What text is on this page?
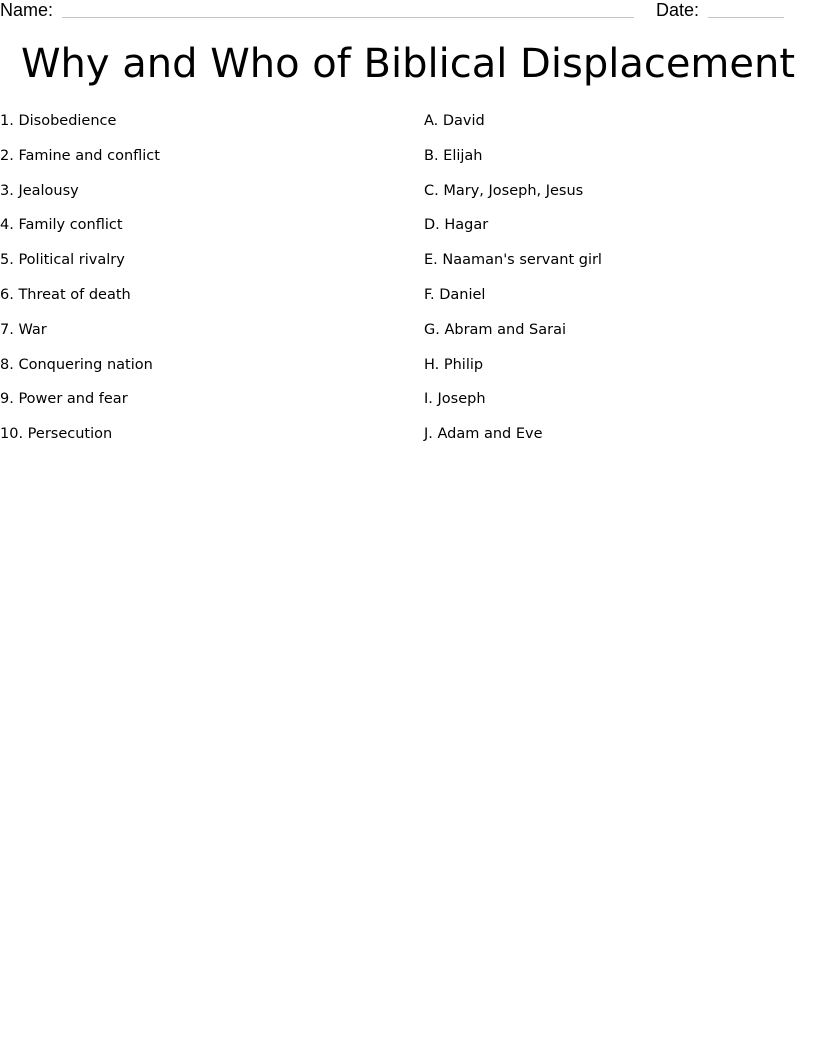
Name:	Date:
Why and Who of Biblical Displacement
1. Disobedience
2. Famine and conflict
3. Jealousy
4. Family conflict
5. Political rivalry
6. Threat of death
7. War
8. Conquering nation
9. Power and fear
10. Persecution
A. David
B. Elijah
C. Mary, Joseph, Jesus
D. Hagar
E. Naaman's servant girl
F. Daniel
G. Abram and Sarai
H. Philip
I. Joseph
J. Adam and Eve
